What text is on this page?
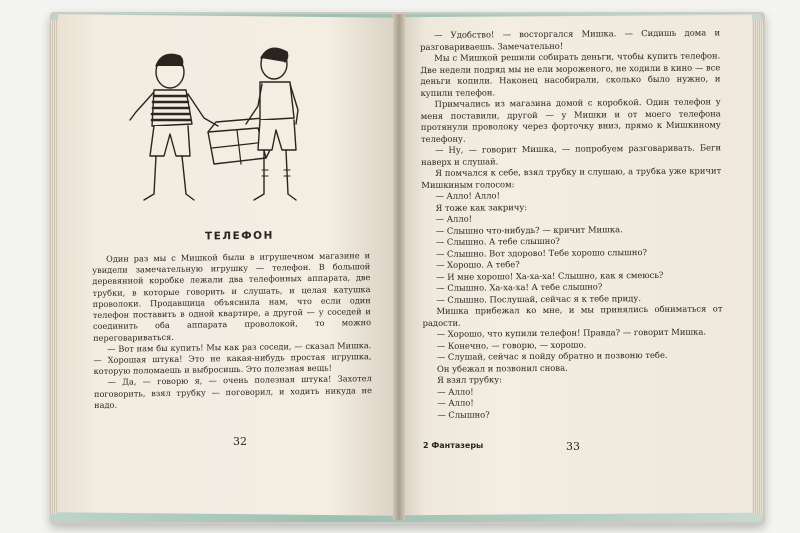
ТЕЛЕФОН

Один раз мы с Мишкой были в игрушечном магазине и увидели замечательную игрушку — телефон. В большой деревянной коробке лежали два телефонных аппарата, две трубки, в которые говорить и слушать, и целая катушка проволоки. Продавщица объяснила нам, что если один телефон поставить в одной квартире, а другой — у соседей и соединить оба аппарата проволокой, то можно переговариваться.

— Вот нам бы купить! Мы как раз соседи, — сказал Мишка. — Хорошая штука! Это не какая-нибудь простая игрушка, которую поломаешь и выбросишь. Это полезная вещь!

— Да, — говорю я, — очень полезная штука! Захотел поговорить, взял трубку — поговорил, и ходить никуда не надо.

32

— Удобство! — восторгался Мишка. — Сидишь дома и разговариваешь. Замечательно!

Мы с Мишкой решили собирать деньги, чтобы купить телефон. Две недели подряд мы не ели мороженого, не ходили в кино — все деньги копили. Наконец насобирали, сколько было нужно, и купили телефон.

Примчались из магазина домой с коробкой. Один телефон у меня поставили, другой — у Мишки и от моего телефона протянули проволоку через форточку вниз, прямо к Мишкиному телефону.

— Ну, — говорит Мишка, — попробуем разговаривать. Беги наверх и слушай.

Я помчался к себе, взял трубку и слушаю, а трубка уже кричит Мишкиным голосом:

— Алло! Алло!

Я тоже как закричу:

— Алло!

— Слышно что-нибудь? — кричит Мишка.

— Слышно. А тебе слышно?

— Слышно. Вот здорово! Тебе хорошо слышно?

— Хорошо. А тебе?

— И мне хорошо! Ха-ха-ха! Слышно, как я смеюсь?

— Слышно. Ха-ха-ха! А тебе слышно?

— Слышно. Послушай, сейчас я к тебе приду.

Мишка прибежал ко мне, и мы принялись обниматься от радости.

— Хорошо, что купили телефон! Правда? — говорит Мишка.

— Конечно, — говорю, — хорошо.

— Слушай, сейчас я пойду обратно и позвоню тебе.

Он убежал и позвонил снова.

Я взял трубку:

— Алло!

— Алло!

— Слышно?

2 Фантазеры	33
